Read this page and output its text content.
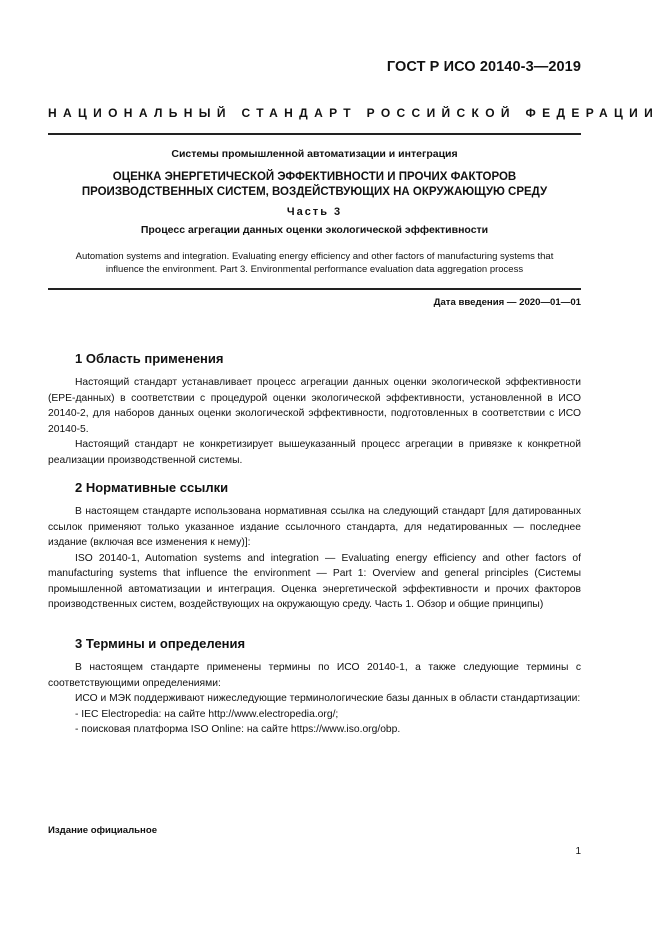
ГОСТ Р ИСО 20140-3—2019
НАЦИОНАЛЬНЫЙ СТАНДАРТ РОССИЙСКОЙ ФЕДЕРАЦИИ
Системы промышленной автоматизации и интеграция
ОЦЕНКА ЭНЕРГЕТИЧЕСКОЙ ЭФФЕКТИВНОСТИ И ПРОЧИХ ФАКТОРОВ
ПРОИЗВОДСТВЕННЫХ СИСТЕМ, ВОЗДЕЙСТВУЮЩИХ НА ОКРУЖАЮЩУЮ СРЕДУ
Часть 3
Процесс агрегации данных оценки экологической эффективности
Automation systems and integration. Evaluating energy efficiency and other factors of manufacturing systems that
influence the environment. Part 3. Environmental performance evaluation data aggregation process
Дата введения — 2020—01—01
1 Область применения

Настоящий стандарт устанавливает процесс агрегации данных оценки экологической эффективности (ЕРЕ-данных) в соответствии с процедурой оценки экологической эффективности, установленной в ИСО 20140-2, для наборов данных оценки экологической эффективности, подготовленных в соответствии с ИСО 20140-5.

Настоящий стандарт не конкретизирует вышеуказанный процесс агрегации в привязке к конкретной реализации производственной системы.

2 Нормативные ссылки

В настоящем стандарте использована нормативная ссылка на следующий стандарт [для датированных ссылок применяют только указанное издание ссылочного стандарта, для недатированных — последнее издание (включая все изменения к нему)]:

ISO 20140-1, Automation systems and integration — Evaluating energy efficiency and other factors of manufacturing systems that influence the environment — Part 1: Overview and general principles (Системы промышленной автоматизации и интеграция. Оценка энергетической эффективности и прочих факторов производственных систем, воздействующих на окружающую среду. Часть 1. Обзор и общие принципы)

3 Термины и определения

В настоящем стандарте применены термины по ИСО 20140-1, а также следующие термины с соответствующими определениями:

ИСО и МЭК поддерживают нижеследующие терминологические базы данных в области стандартизации:

- IEC Electropedia: на сайте http://www.electropedia.org/;

- поисковая платформа ISO Online: на сайте https://www.iso.org/obp.

Издание официальное
1
